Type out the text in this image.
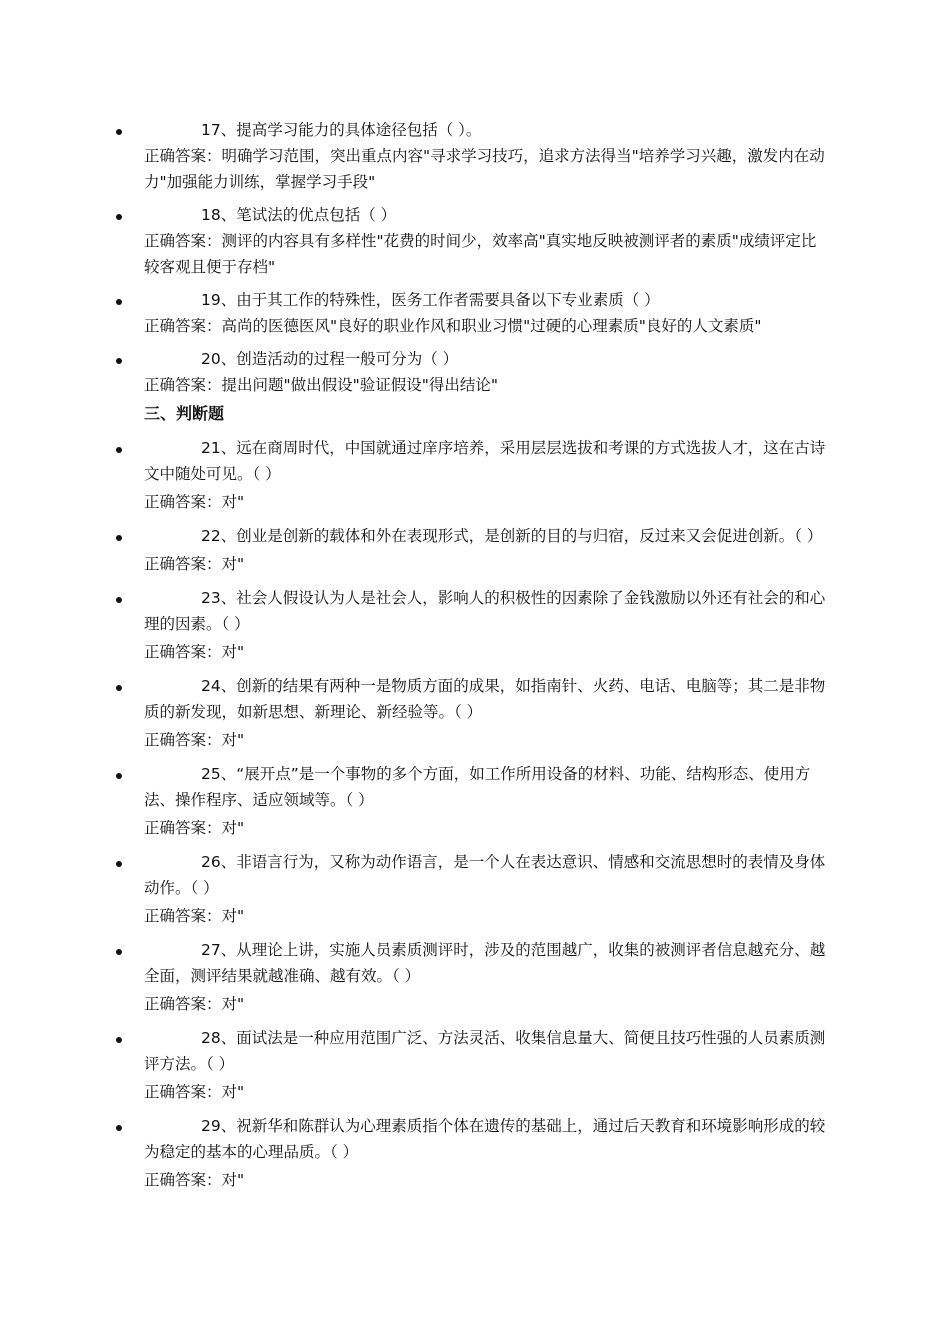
17、提高学习能力的具体途径包括（ ）。

正确答案：明确学习范围，突出重点内容"寻求学习技巧，追求方法得当"培养学习兴趣，激发内在动力"加强能力训练，掌握学习手段"

18、笔试法的优点包括（ ）

正确答案：测评的内容具有多样性"花费的时间少，效率高"真实地反映被测评者的素质"成绩评定比较客观且便于存档"

19、由于其工作的特殊性，医务工作者需要具备以下专业素质（ ）

正确答案：高尚的医德医风"良好的职业作风和职业习惯"过硬的心理素质"良好的人文素质"

20、创造活动的过程一般可分为（ ）

正确答案：提出问题"做出假设"验证假设"得出结论"

三、判断题

21、远在商周时代，中国就通过庠序培养，采用层层选拔和考课的方式选拔人才，这在古诗文中随处可见。（ ）

正确答案：对"

22、创业是创新的载体和外在表现形式，是创新的目的与归宿，反过来又会促进创新。（ ）

正确答案：对"

23、社会人假设认为人是社会人，影响人的积极性的因素除了金钱激励以外还有社会的和心理的因素。（ ）

正确答案：对"

24、创新的结果有两种一是物质方面的成果，如指南针、火药、电话、电脑等；其二是非物质的新发现，如新思想、新理论、新经验等。（ ）

正确答案：对"

25、“展开点”是一个事物的多个方面，如工作所用设备的材料、功能、结构形态、使用方法、操作程序、适应领域等。（ ）

正确答案：对"

26、非语言行为，又称为动作语言，是一个人在表达意识、情感和交流思想时的表情及身体动作。（ ）

正确答案：对"

27、从理论上讲，实施人员素质测评时，涉及的范围越广，收集的被测评者信息越充分、越全面，测评结果就越准确、越有效。（ ）

正确答案：对"

28、面试法是一种应用范围广泛、方法灵活、收集信息量大、简便且技巧性强的人员素质测评方法。（ ）

正确答案：对"

29、祝新华和陈群认为心理素质指个体在遗传的基础上，通过后天教育和环境影响形成的较为稳定的基本的心理品质。（ ）

正确答案：对"
